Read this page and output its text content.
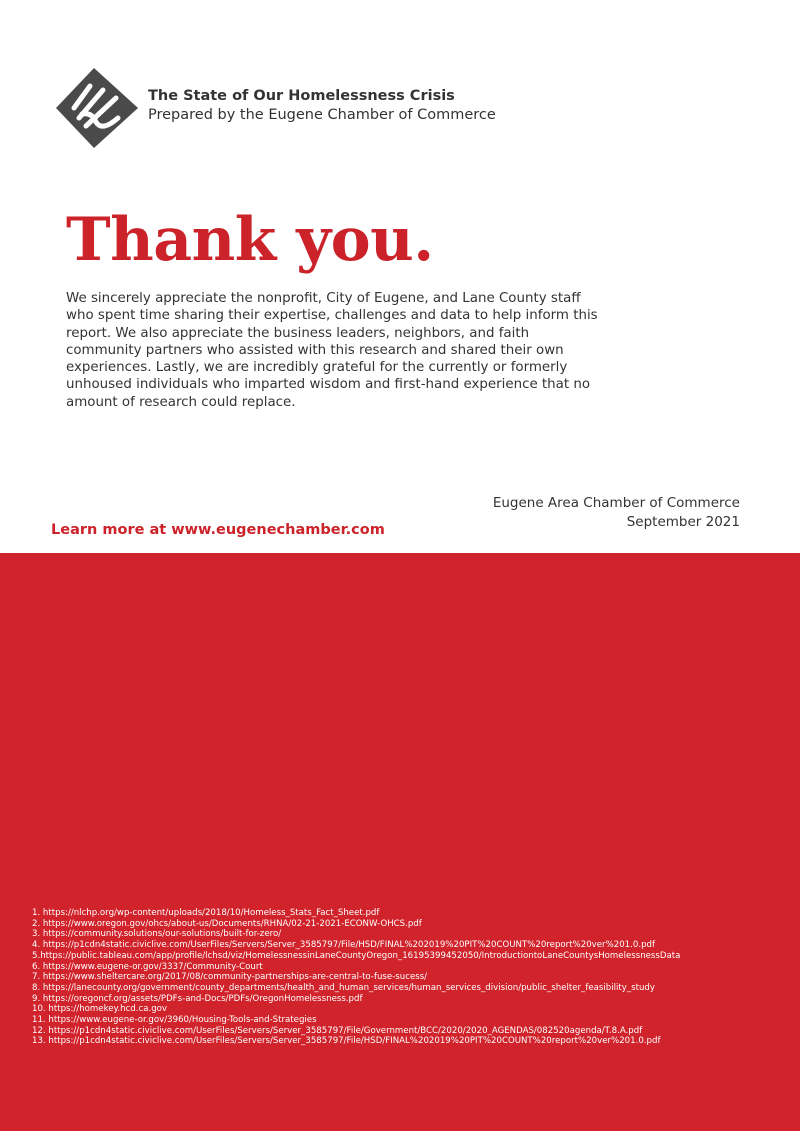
The State of Our Homelessness Crisis
Prepared by the Eugene Chamber of Commerce
Thank you.
We sincerely appreciate the nonprofit, City of Eugene, and Lane County staff who spent time sharing their expertise, challenges and data to help inform this report. We also appreciate the business leaders, neighbors, and faith community partners who assisted with this research and shared their own experiences. Lastly, we are incredibly grateful for the currently or formerly unhoused individuals who imparted wisdom and first-hand experience that no amount of research could replace.
Eugene Area Chamber of Commerce
September 2021
Learn more at www.eugenechamber.com
1. https://nlchp.org/wp-content/uploads/2018/10/Homeless_Stats_Fact_Sheet.pdf
2. https://www.oregon.gov/ohcs/about-us/Documents/RHNA/02-21-2021-ECONW-OHCS.pdf
3. https://community.solutions/our-solutions/built-for-zero/
4. https://p1cdn4static.civiclive.com/UserFiles/Servers/Server_3585797/File/HSD/FINAL%202019%20PIT%20COUNT%20report%20ver%201.0.pdf
5.https://public.tableau.com/app/profile/lchsd/viz/HomelessnessinLaneCountyOregon_16195399452050/IntroductiontoLaneCountysHomelessnessData
6. https://www.eugene-or.gov/3337/Community-Court
7. https://www.sheltercare.org/2017/08/community-partnerships-are-central-to-fuse-sucess/
8. https://lanecounty.org/government/county_departments/health_and_human_services/human_services_division/public_shelter_feasibility_study
9. https://oregoncf.org/assets/PDFs-and-Docs/PDFs/OregonHomelessness.pdf
10. https://homekey.hcd.ca.gov
11. https://www.eugene-or.gov/3960/Housing-Tools-and-Strategies
12. https://p1cdn4static.civiclive.com/UserFiles/Servers/Server_3585797/File/Government/BCC/2020/2020_AGENDAS/082520agenda/T.8.A.pdf
13. https://p1cdn4static.civiclive.com/UserFiles/Servers/Server_3585797/File/HSD/FINAL%202019%20PIT%20COUNT%20report%20ver%201.0.pdf
